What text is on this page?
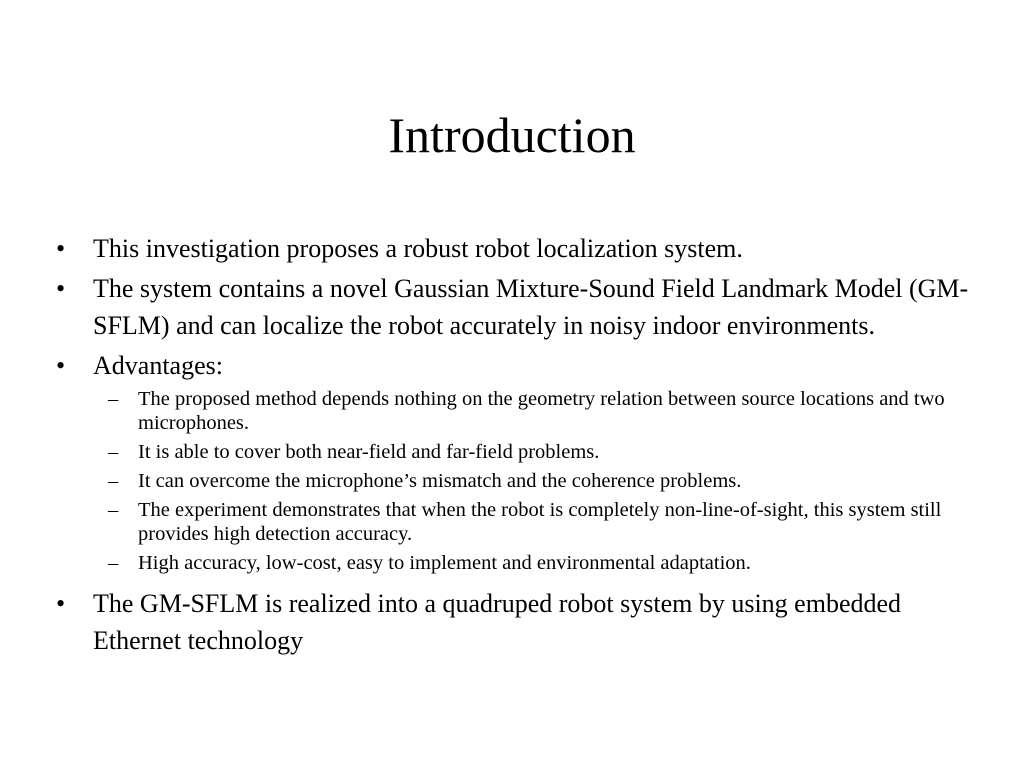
Introduction
•	This investigation proposes a robust robot localization system.
•	The system contains a novel Gaussian Mixture-Sound Field Landmark Model (GM-SFLM) and can localize the robot accurately in noisy indoor environments.
•	Advantages:
– The proposed method depends nothing on the geometry relation between source locations and two microphones.
– It is able to cover both near-field and far-field problems.
– It can overcome the microphone’s mismatch and the coherence problems.
– The experiment demonstrates that when the robot is completely non-line-of-sight, this system still provides high detection accuracy.
– High accuracy, low-cost, easy to implement and environmental adaptation.
•	The GM-SFLM is realized into a quadruped robot system by using embedded Ethernet technology
